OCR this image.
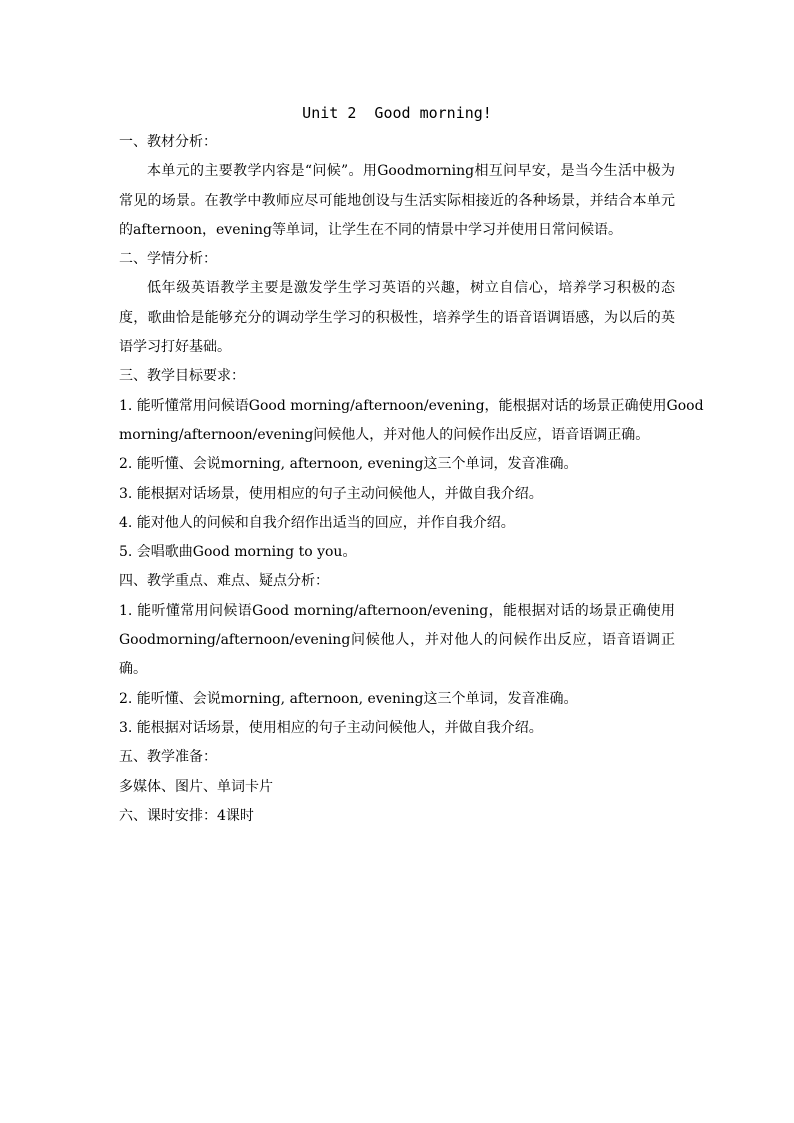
Unit 2  Good morning!

一、教材分析：

本单元的主要教学内容是“问候”。用Goodmorning相互问早安，是当今生活中极为常见的场景。在教学中教师应尽可能地创设与生活实际相接近的各种场景，并结合本单元的afternoon，evening等单词，让学生在不同的情景中学习并使用日常问候语。

二、学情分析：

低年级英语教学主要是激发学生学习英语的兴趣，树立自信心，培养学习积极的态度，歌曲恰是能够充分的调动学生学习的积极性，培养学生的语音语调语感，为以后的英语学习打好基础。

三、教学目标要求：

1. 能听懂常用问候语Good morning/afternoon/evening，能根据对话的场景正确使用Good

morning/afternoon/evening问候他人，并对他人的问候作出反应，语音语调正确。

2. 能听懂、会说morning, afternoon, evening这三个单词，发音准确。

3. 能根据对话场景，使用相应的句子主动问候他人，并做自我介绍。

4. 能对他人的问候和自我介绍作出适当的回应，并作自我介绍。

5. 会唱歌曲Good morning to you。

四、教学重点、难点、疑点分析：

1. 能听懂常用问候语Good morning/afternoon/evening，能根据对话的场景正确使用Goodmorning/afternoon/evening问候他人，并对他人的问候作出反应，语音语调正确。

2. 能听懂、会说morning, afternoon, evening这三个单词，发音准确。

3. 能根据对话场景，使用相应的句子主动问候他人，并做自我介绍。

五、教学准备：

多媒体、图片、单词卡片

六、课时安排：4课时
